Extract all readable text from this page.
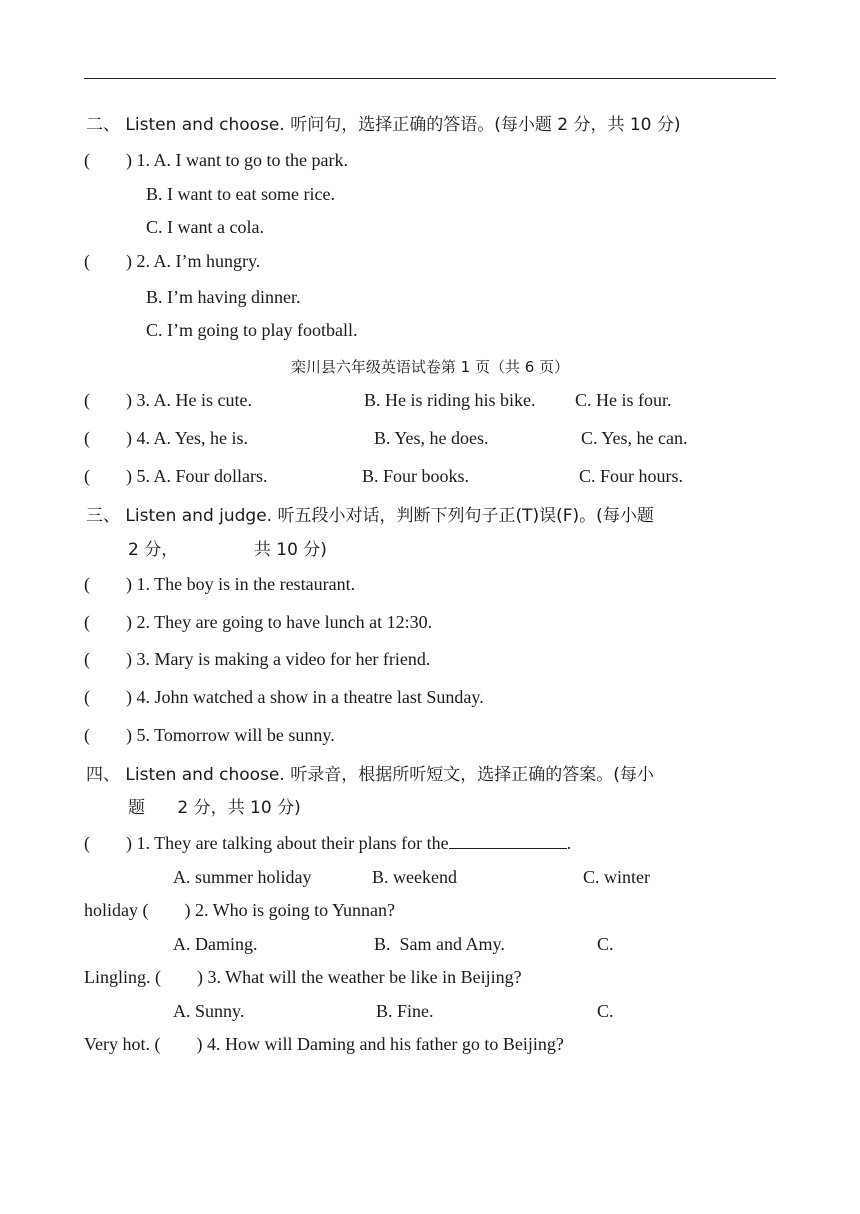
二、 Listen and choose. 听问句，选择正确的答语。(每小题 2 分，共 10 分)
(        ) 1. A. I want to go to the park.
B. I want to eat some rice.
C. I want a cola.
(        ) 2. A. I’m hungry.
B. I’m having dinner.
C. I’m going to play football.
栾川县六年级英语试卷第 1 页（共 6 页）
(        ) 3. A. He is cute.	B. He is riding his bike. C. He is four.
(        ) 4. A. Yes, he is.	B. Yes, he does.	C. Yes, he can.
(        ) 5. A. Four dollars.	B. Four books.	C. Four hours.
三、 Listen and judge. 听五段小对话，判断下列句子正(T)误(F)。(每小题
2 分，              共 10 分)
(        ) 1. The boy is in the restaurant.
(        ) 2. They are going to have lunch at 12:30.
(        ) 3. Mary is making a video for her friend.
(        ) 4. John watched a show in a theatre last Sunday.
(        ) 5. Tomorrow will be sunny.
四、 Listen and choose. 听录音，根据所听短文，选择正确的答案。(每小
题      2 分，共 10 分)
(        ) 1. They are talking about their plans for the	.
A. summer holiday	B. weekend	C. winter
holiday (        ) 2. Who is going to Yunnan?
A. Daming.	B.  Sam and Amy.	C.
Lingling. (        ) 3. What will the weather be like in Beijing?
A. Sunny.	B. Fine.	C.
Very hot. (        ) 4. How will Daming and his father go to Beijing?
